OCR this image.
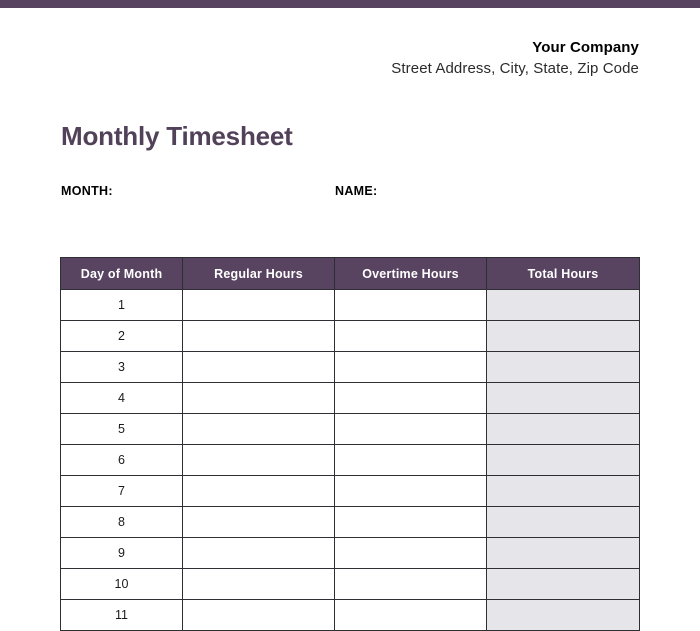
Your Company
Street Address, City, State, Zip Code
Monthly Timesheet
MONTH:	NAME:
Day of Month	Regular Hours	Overtime Hours	Total Hours
1			
2			
3			
4			
5			
6			
7			
8			
9			
10			
11			
